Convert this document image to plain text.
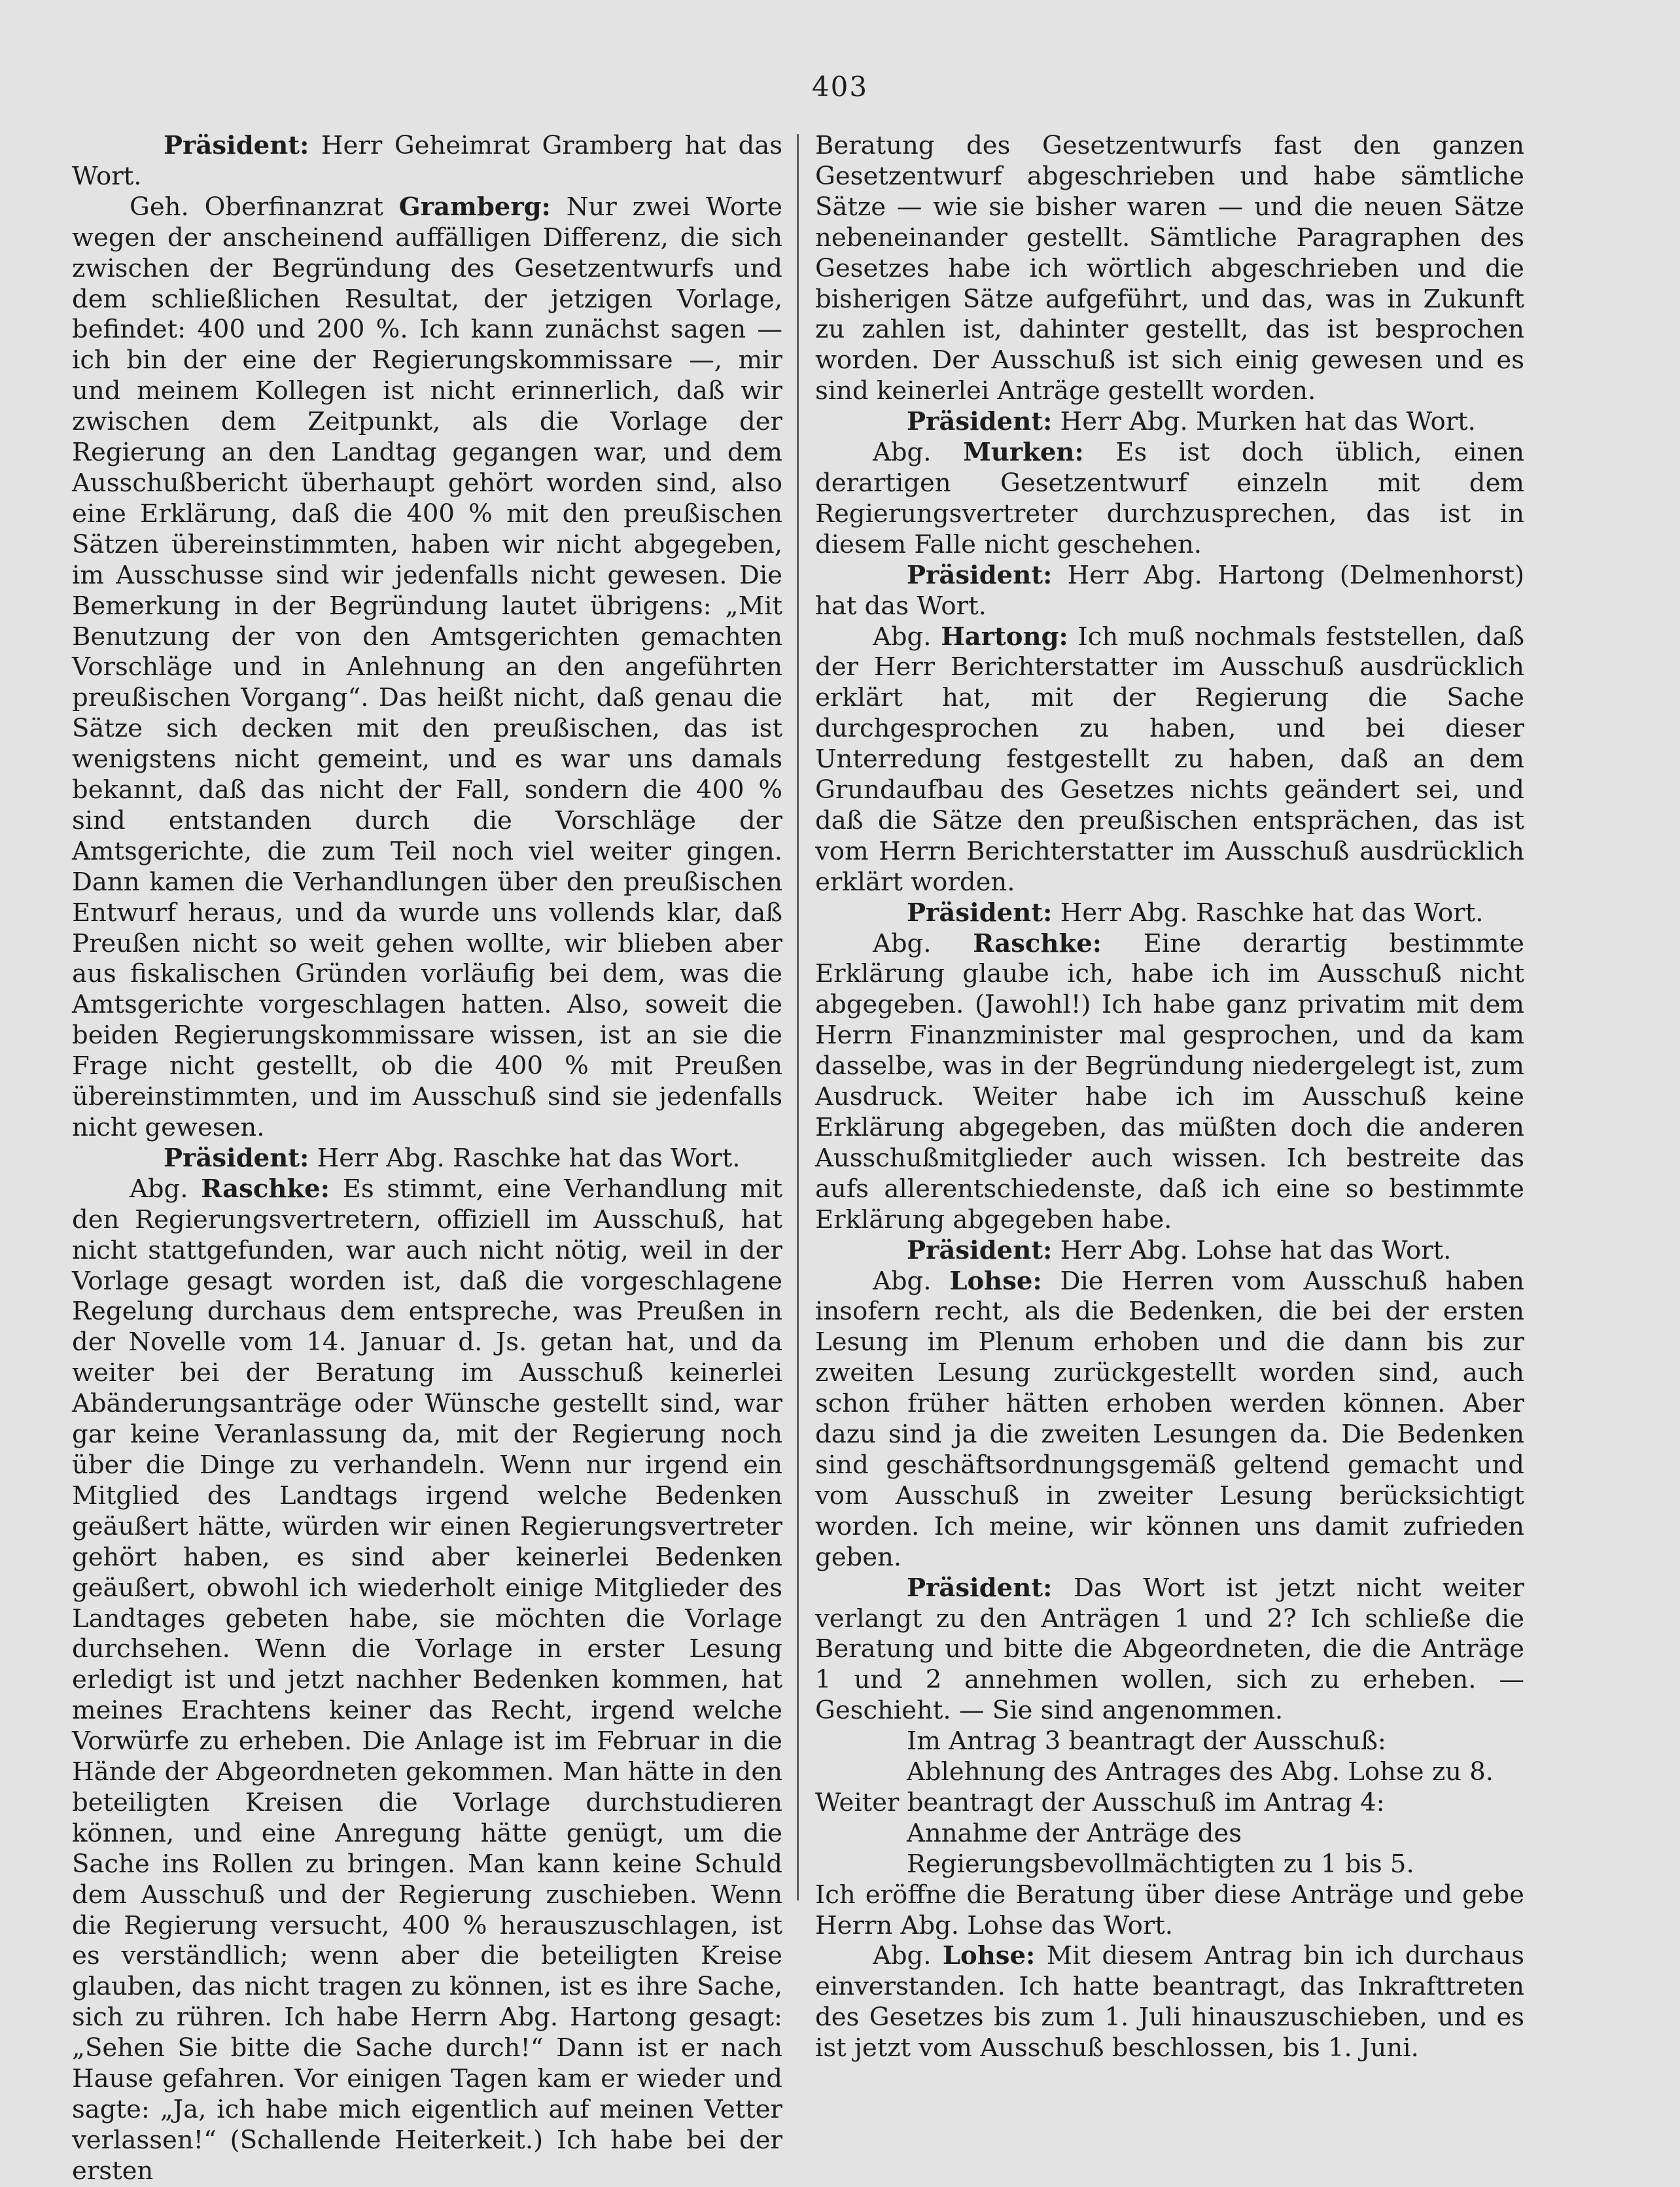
403

Präsident: Herr Geheimrat Gramberg hat das Wort.

Geh. Oberfinanzrat Gramberg: Nur zwei Worte wegen der anscheinend auffälligen Differenz, die sich zwischen der Begründung des Gesetzentwurfs und dem schließlichen Resultat, der jetzigen Vorlage, befindet: 400 und 200 %. Ich kann zunächst sagen — ich bin der eine der Regierungskommissare —, mir und meinem Kollegen ist nicht erinnerlich, daß wir zwischen dem Zeitpunkt, als die Vorlage der Regierung an den Landtag gegangen war, und dem Ausschußbericht überhaupt gehört worden sind, also eine Erklärung, daß die 400 % mit den preußischen Sätzen übereinstimmten, haben wir nicht abgegeben, im Ausschusse sind wir jedenfalls nicht gewesen. Die Bemerkung in der Begründung lautet übrigens: „Mit Benutzung der von den Amtsgerichten gemachten Vorschläge und in Anlehnung an den angeführten preußischen Vorgang“. Das heißt nicht, daß genau die Sätze sich decken mit den preußischen, das ist wenigstens nicht gemeint, und es war uns damals bekannt, daß das nicht der Fall, sondern die 400 % sind entstanden durch die Vorschläge der Amtsgerichte, die zum Teil noch viel weiter gingen. Dann kamen die Verhandlungen über den preußischen Entwurf heraus, und da wurde uns vollends klar, daß Preußen nicht so weit gehen wollte, wir blieben aber aus fiskalischen Gründen vorläufig bei dem, was die Amtsgerichte vorgeschlagen hatten. Also, soweit die beiden Regierungskommissare wissen, ist an sie die Frage nicht gestellt, ob die 400 % mit Preußen übereinstimmten, und im Ausschuß sind sie jedenfalls nicht gewesen.

Präsident: Herr Abg. Raschke hat das Wort.

Abg. Raschke: Es stimmt, eine Verhandlung mit den Regierungsvertretern, offiziell im Ausschuß, hat nicht stattgefunden, war auch nicht nötig, weil in der Vorlage gesagt worden ist, daß die vorgeschlagene Regelung durchaus dem entspreche, was Preußen in der Novelle vom 14. Januar d. Js. getan hat, und da weiter bei der Beratung im Ausschuß keinerlei Abänderungsanträge oder Wünsche gestellt sind, war gar keine Veranlassung da, mit der Regierung noch über die Dinge zu verhandeln. Wenn nur irgend ein Mitglied des Landtags irgend welche Bedenken geäußert hätte, würden wir einen Regierungsvertreter gehört haben, es sind aber keinerlei Bedenken geäußert, obwohl ich wiederholt einige Mitglieder des Landtages gebeten habe, sie möchten die Vorlage durchsehen. Wenn die Vorlage in erster Lesung erledigt ist und jetzt nachher Bedenken kommen, hat meines Erachtens keiner das Recht, irgend welche Vorwürfe zu erheben. Die Anlage ist im Februar in die Hände der Abgeordneten gekommen. Man hätte in den beteiligten Kreisen die Vorlage durchstudieren können, und eine Anregung hätte genügt, um die Sache ins Rollen zu bringen. Man kann keine Schuld dem Ausschuß und der Regierung zuschieben. Wenn die Regierung versucht, 400 % herauszuschlagen, ist es verständlich; wenn aber die beteiligten Kreise glauben, das nicht tragen zu können, ist es ihre Sache, sich zu rühren. Ich habe Herrn Abg. Hartong gesagt: „Sehen Sie bitte die Sache durch!“ Dann ist er nach Hause gefahren. Vor einigen Tagen kam er wieder und sagte: „Ja, ich habe mich eigentlich auf meinen Vetter verlassen!“ (Schallende Heiterkeit.) Ich habe bei der ersten

Beratung des Gesetzentwurfs fast den ganzen Gesetzentwurf abgeschrieben und habe sämtliche Sätze — wie sie bisher waren — und die neuen Sätze nebeneinander gestellt. Sämtliche Paragraphen des Gesetzes habe ich wörtlich abgeschrieben und die bisherigen Sätze aufgeführt, und das, was in Zukunft zu zahlen ist, dahinter gestellt, das ist besprochen worden. Der Ausschuß ist sich einig gewesen und es sind keinerlei Anträge gestellt worden.

Präsident: Herr Abg. Murken hat das Wort.

Abg. Murken: Es ist doch üblich, einen derartigen Gesetzentwurf einzeln mit dem Regierungsvertreter durchzusprechen, das ist in diesem Falle nicht geschehen.

Präsident: Herr Abg. Hartong (Delmenhorst) hat das Wort.

Abg. Hartong: Ich muß nochmals feststellen, daß der Herr Berichterstatter im Ausschuß ausdrücklich erklärt hat, mit der Regierung die Sache durchgesprochen zu haben, und bei dieser Unterredung festgestellt zu haben, daß an dem Grundaufbau des Gesetzes nichts geändert sei, und daß die Sätze den preußischen entsprächen, das ist vom Herrn Berichterstatter im Ausschuß ausdrücklich erklärt worden.

Präsident: Herr Abg. Raschke hat das Wort.

Abg. Raschke: Eine derartig bestimmte Erklärung glaube ich, habe ich im Ausschuß nicht abgegeben. (Jawohl!) Ich habe ganz privatim mit dem Herrn Finanzminister mal gesprochen, und da kam dasselbe, was in der Begründung niedergelegt ist, zum Ausdruck. Weiter habe ich im Ausschuß keine Erklärung abgegeben, das müßten doch die anderen Ausschußmitglieder auch wissen. Ich bestreite das aufs allerentschiedenste, daß ich eine so bestimmte Erklärung abgegeben habe.

Präsident: Herr Abg. Lohse hat das Wort.

Abg. Lohse: Die Herren vom Ausschuß haben insofern recht, als die Bedenken, die bei der ersten Lesung im Plenum erhoben und die dann bis zur zweiten Lesung zurückgestellt worden sind, auch schon früher hätten erhoben werden können. Aber dazu sind ja die zweiten Lesungen da. Die Bedenken sind geschäftsordnungsgemäß geltend gemacht und vom Ausschuß in zweiter Lesung berücksichtigt worden. Ich meine, wir können uns damit zufrieden geben.

Präsident: Das Wort ist jetzt nicht weiter verlangt zu den Anträgen 1 und 2? Ich schließe die Beratung und bitte die Abgeordneten, die die Anträge 1 und 2 annehmen wollen, sich zu erheben. — Geschieht. — Sie sind angenommen.

Im Antrag 3 beantragt der Ausschuß:

Ablehnung des Antrages des Abg. Lohse zu 8.

Weiter beantragt der Ausschuß im Antrag 4:

Annahme der Anträge des Regierungsbevollmächtigten zu 1 bis 5.

Ich eröffne die Beratung über diese Anträge und gebe Herrn Abg. Lohse das Wort.

Abg. Lohse: Mit diesem Antrag bin ich durchaus einverstanden. Ich hatte beantragt, das Inkrafttreten des Gesetzes bis zum 1. Juli hinauszuschieben, und es ist jetzt vom Ausschuß beschlossen, bis 1. Juni.
